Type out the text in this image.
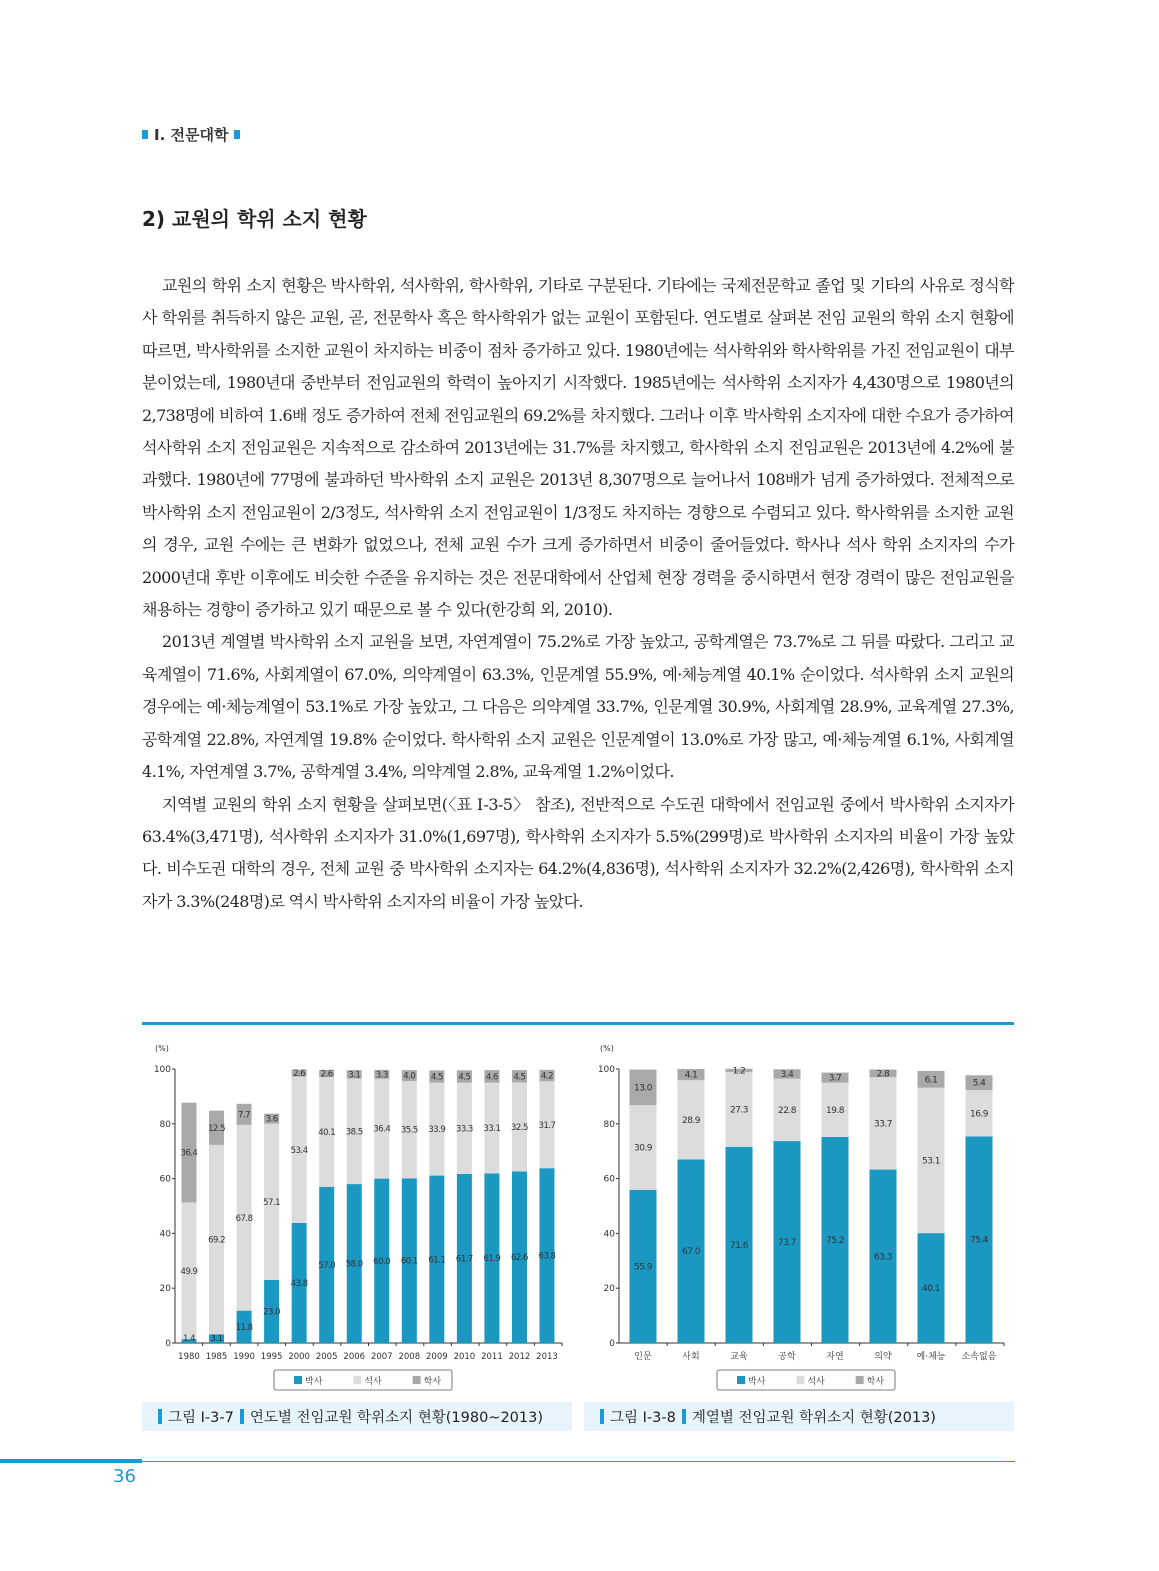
I. 전문대학
2) 교원의 학위 소지 현황

교원의 학위 소지 현황은 박사학위, 석사학위, 학사학위, 기타로 구분된다. 기타에는 국제전문학교 졸업 및 기타의 사유로 정식학사 학위를 취득하지 않은 교원, 곧, 전문학사 혹은 학사학위가 없는 교원이 포함된다. 연도별로 살펴본 전임 교원의 학위 소지 현황에 따르면, 박사학위를 소지한 교원이 차지하는 비중이 점차 증가하고 있다. 1980년에는 석사학위와 학사학위를 가진 전임교원이 대부분이었는데, 1980년대 중반부터 전임교원의 학력이 높아지기 시작했다. 1985년에는 석사학위 소지자가 4,430명으로 1980년의 2,738명에 비하여 1.6배 정도 증가하여 전체 전임교원의 69.2%를 차지했다. 그러나 이후 박사학위 소지자에 대한 수요가 증가하여 석사학위 소지 전임교원은 지속적으로 감소하여 2013년에는 31.7%를 차지했고, 학사학위 소지 전임교원은 2013년에 4.2%에 불과했다. 1980년에 77명에 불과하던 박사학위 소지 교원은 2013년 8,307명으로 늘어나서 108배가 넘게 증가하였다. 전체적으로 박사학위 소지 전임교원이 2/3정도, 석사학위 소지 전임교원이 1/3정도 차지하는 경향으로 수렴되고 있다. 학사학위를 소지한 교원의 경우, 교원 수에는 큰 변화가 없었으나, 전체 교원 수가 크게 증가하면서 비중이 줄어들었다. 학사나 석사 학위 소지자의 수가 2000년대 후반 이후에도 비슷한 수준을 유지하는 것은 전문대학에서 산업체 현장 경력을 중시하면서 현장 경력이 많은 전임교원을 채용하는 경향이 증가하고 있기 때문으로 볼 수 있다(한강희 외, 2010).

2013년 계열별 박사학위 소지 교원을 보면, 자연계열이 75.2%로 가장 높았고, 공학계열은 73.7%로 그 뒤를 따랐다. 그리고 교육계열이 71.6%, 사회계열이 67.0%, 의약계열이 63.3%, 인문계열 55.9%, 예·체능계열 40.1% 순이었다. 석사학위 소지 교원의 경우에는 예·체능계열이 53.1%로 가장 높았고, 그 다음은 의약계열 33.7%, 인문계열 30.9%, 사회계열 28.9%, 교육계열 27.3%, 공학계열 22.8%, 자연계열 19.8% 순이었다. 학사학위 소지 교원은 인문계열이 13.0%로 가장 많고, 예·체능계열 6.1%, 사회계열 4.1%, 자연계열 3.7%, 공학계열 3.4%, 의약계열 2.8%, 교육계열 1.2%이었다.

지역별 교원의 학위 소지 현황을 살펴보면(〈표 Ⅰ-3-5〉 참조), 전반적으로 수도권 대학에서 전임교원 중에서 박사학위 소지자가 63.4%(3,471명), 석사학위 소지자가 31.0%(1,697명), 학사학위 소지자가 5.5%(299명)로 박사학위 소지자의 비율이 가장 높았다. 비수도권 대학의 경우, 전체 교원 중 박사학위 소지자는 64.2%(4,836명), 석사학위 소지자가 32.2%(2,426명), 학사학위 소지자가 3.3%(248명)로 역시 박사학위 소지자의 비율이 가장 높았다.

(%)
0
20
40
60
80
100
1980 1985 1990 1995 2000 2005 2006 2007 2008 2009 2010 2011 2012 2013
1.4
49.9
36.4
3.1
69.2
12.5
11.8
67.8
7.7
23.0
57.1
3.6
43.8
53.4
2.6
57.0
40.1
2.6
58.0
38.5
3.1
60.0
36.4
3.3
60.1
35.5
4.0
61.1
33.9
4.5
61.7
33.3
4.5
61.9
33.1
4.6
62.6
32.5
4.5
63.8
31.7
4.2
박사	석사	학사
(%)
0
20
40
60
80
100
인문	사회	교육	공학	자연	의약	예·체능 소속없음
55.9
30.9
13.0
67.0
28.9
4.1
71.6
27.3
1.2
73.7
22.8
3.4
75.2
19.8
3.7
63.3
33.7
2.8
40.1
53.1
6.1
75.4
16.9
5.4
박사	석사	학사
그림 Ⅰ-3-7 연도별 전임교원 학위소지 현황(1980~2013)	그림 Ⅰ-3-8 계열별 전임교원 학위소지 현황(2013)
36
